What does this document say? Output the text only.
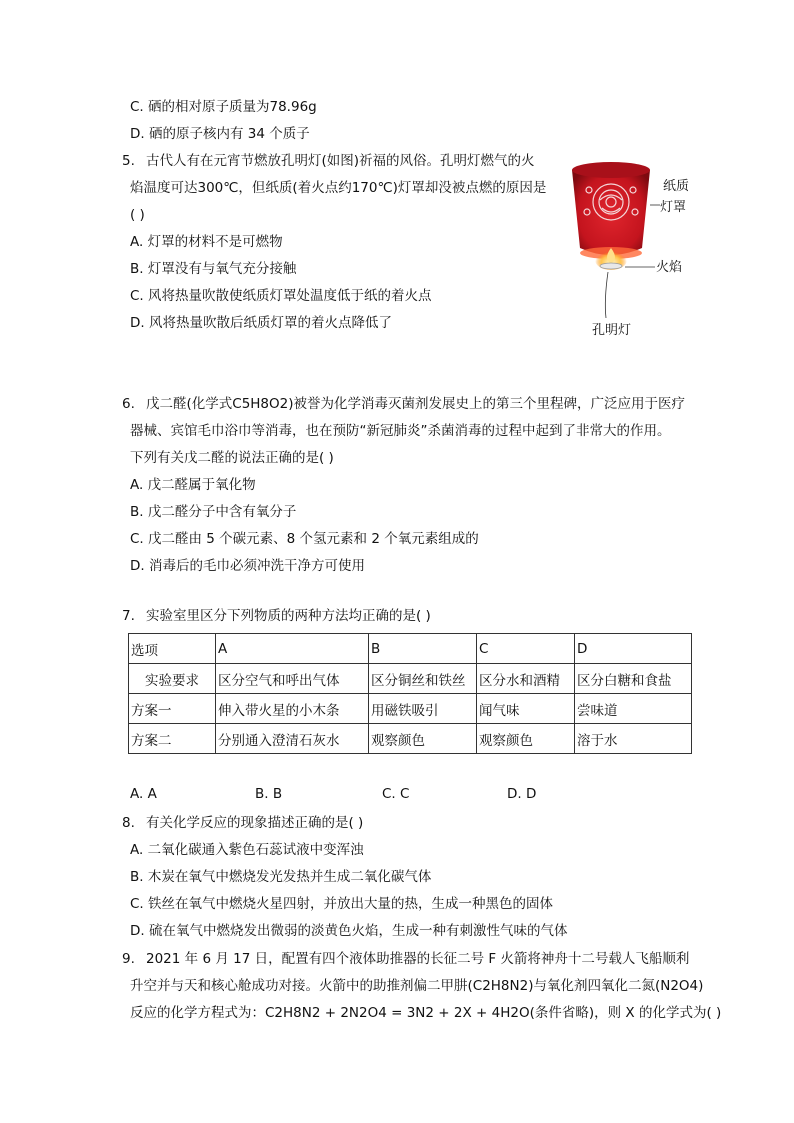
C. 硒的相对原子质量为78.96g
D. 硒的原子核内有 34 个质子
5. 古代人有在元宵节燃放孔明灯(如图)祈福的风俗。孔明灯燃气的火
焰温度可达300℃，但纸质(着火点约170℃)灯罩却没被点燃的原因是
( )
A. 灯罩的材料不是可燃物
B. 灯罩没有与氧气充分接触
C. 风将热量吹散使纸质灯罩处温度低于纸的着火点
D. 风将热量吹散后纸质灯罩的着火点降低了
纸质
灯罩
火焰
孔明灯
6. 戊二醛(化学式C5H8O2)被誉为化学消毒灭菌剂发展史上的第三个里程碑，广泛应用于医疗
器械、宾馆毛巾浴巾等消毒，也在预防“新冠肺炎”杀菌消毒的过程中起到了非常大的作用。
下列有关戊二醛的说法正确的是( )
A. 戊二醛属于氧化物
B. 戊二醛分子中含有氧分子
C. 戊二醛由 5 个碳元素、8 个氢元素和 2 个氧元素组成的
D. 消毒后的毛巾必须冲洗干净方可使用
7. 实验室里区分下列物质的两种方法均正确的是( )
选项	A	B	C	D
实验要求	区分空气和呼出气体	区分铜丝和铁丝	区分水和酒精	区分白糖和食盐
方案一	伸入带火星的小木条	用磁铁吸引	闻气味	尝味道
方案二	分别通入澄清石灰水	观察颜色	观察颜色	溶于水
A. A	B. B	C. C	D. D
8. 有关化学反应的现象描述正确的是( )
A. 二氧化碳通入紫色石蕊试液中变浑浊
B. 木炭在氧气中燃烧发光发热并生成二氧化碳气体
C. 铁丝在氧气中燃烧火星四射，并放出大量的热，生成一种黑色的固体
D. 硫在氧气中燃烧发出微弱的淡黄色火焰，生成一种有刺激性气味的气体
9. 2021 年 6 月 17 日，配置有四个液体助推器的长征二号 F 火箭将神舟十二号载人飞船顺利
升空并与天和核心舱成功对接。火箭中的助推剂偏二甲肼(C2H8N2)与氧化剂四氧化二氮(N2O4)
反应的化学方程式为：C2H8N2 + 2N2O4 = 3N2 + 2X + 4H2O(条件省略)，则 X 的化学式为( )
